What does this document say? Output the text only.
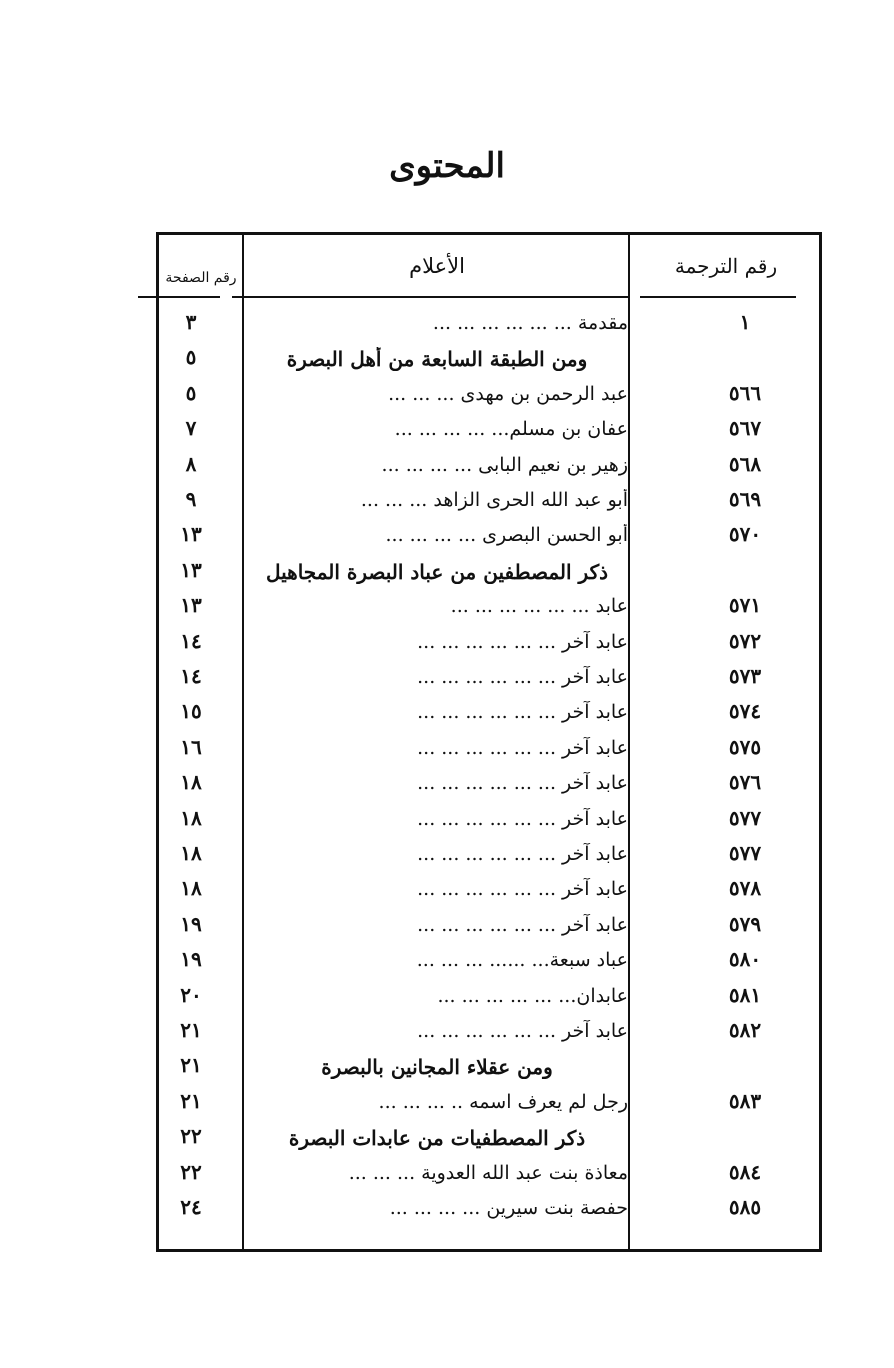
المحتوى
رقم الترجمة
الأعلام
رقم الصفحة
١
مقدمة ... ... ... ... ... ...
٣
ومن الطبقة السابعة من أهل البصرة
٥
٥٦٦
عبد الرحمن بن مهدى ... ... ...
٥
٥٦٧
عفان بن مسلم... ... ... ... ...
٧
٥٦٨
زهير بن نعيم البابى ... ... ... ...
٨
٥٦٩
أبو عبد الله الحرى الزاهد ... ... ...
٩
٥٧٠
أبو الحسن البصرى ... ... ... ...
١٣
ذكر المصطفين من عباد البصرة المجاهيل
١٣
٥٧١
عابد ... ... ... ... ... ...
١٣
٥٧٢
عابد آخر ... ... ... ... ... ...
١٤
٥٧٣
عابد آخر ... ... ... ... ... ...
١٤
٥٧٤
عابد آخر ... ... ... ... ... ...
١٥
٥٧٥
عابد آخر ... ... ... ... ... ...
١٦
٥٧٦
عابد آخر ... ... ... ... ... ...
١٨
٥٧٧
عابد آخر ... ... ... ... ... ...
١٨
٥٧٧
عابد آخر ... ... ... ... ... ...
١٨
٥٧٨
عابد آخر ... ... ... ... ... ...
١٨
٥٧٩
عابد آخر ... ... ... ... ... ...
١٩
٥٨٠
عباد سبعة... ...... ... ... ...
١٩
٥٨١
عابدان... ... ... ... ... ...
٢٠
٥٨٢
عابد آخر ... ... ... ... ... ...
٢١
ومن عقلاء المجانين بالبصرة
٢١
٥٨٣
رجل لم يعرف اسمه .. ... ... ...
٢١
ذكر المصطفيات من عابدات البصرة
٢٢
٥٨٤
معاذة بنت عبد الله العدوية ... ... ...
٢٢
٥٨٥
حفصة بنت سيرين ... ... ... ...
٢٤
